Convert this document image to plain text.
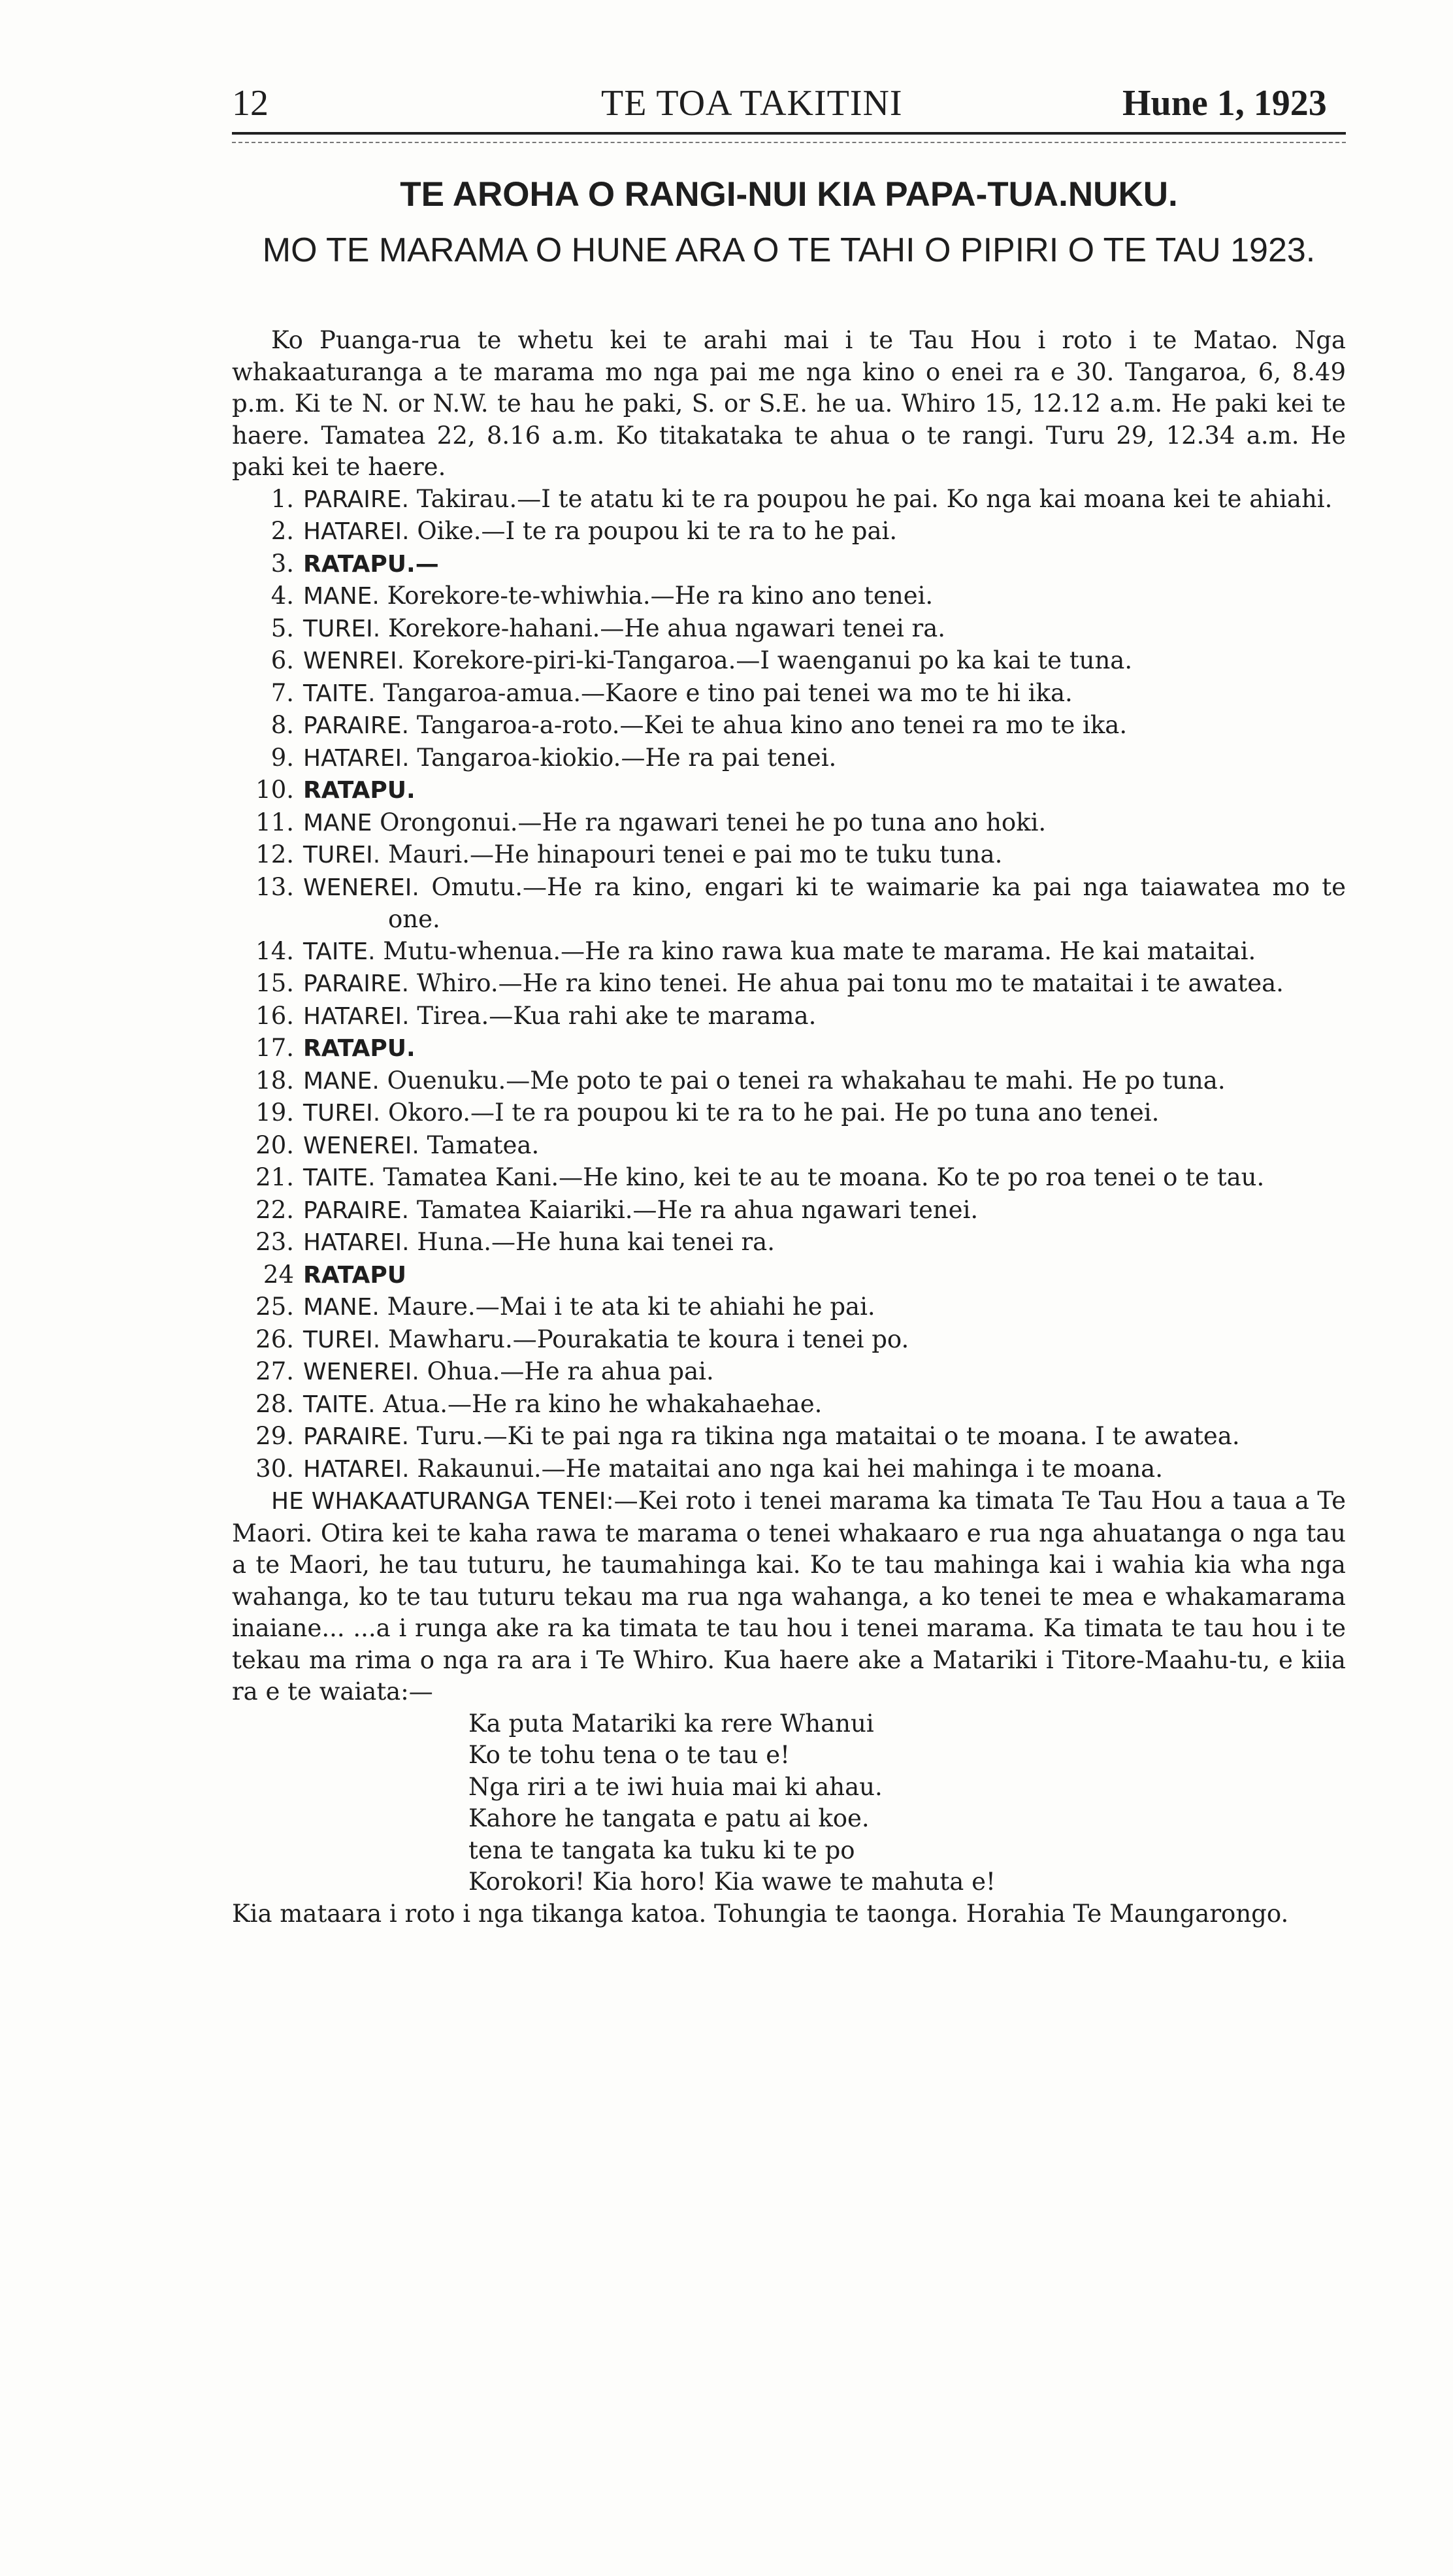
12	TE TOA TAKITINI	Hune 1, 1923
TE AROHA O RANGI-NUI KIA PAPA-TUA.NUKU.
MO TE MARAMA O HUNE ARA O TE TAHI O PIPIRI O TE TAU 1923.

Ko Puanga-rua te whetu kei te arahi mai i te Tau Hou i roto i te Matao. Nga whakaaturanga a te marama mo nga pai me nga kino o enei ra e 30. Tangaroa, 6, 8.49 p.m. Ki te N. or N.W. te hau he paki, S. or S.E. he ua. Whiro 15, 12.12 a.m. He paki kei te haere. Tamatea 22, 8.16 a.m. Ko titakataka te ahua o te rangi. Turu 29, 12.34 a.m. He paki kei te haere.

1. PARAIRE. Takirau.—I te atatu ki te ra poupou he pai. Ko nga kai moana kei te ahiahi.
2. HATAREI. Oike.—I te ra poupou ki te ra to he pai.
3. RATAPU.—
4. MANE. Korekore-te-whiwhia.—He ra kino ano tenei.
5. TUREI. Korekore-hahani.—He ahua ngawari tenei ra.
6. WENREI. Korekore-piri-ki-Tangaroa.—I waenganui po ka kai te tuna.
7. TAITE. Tangaroa-amua.—Kaore e tino pai tenei wa mo te hi ika.
8. PARAIRE. Tangaroa-a-roto.—Kei te ahua kino ano tenei ra mo te ika.
9. HATAREI. Tangaroa-kiokio.—He ra pai tenei.
10. RATAPU.
11. MANE Orongonui.—He ra ngawari tenei he po tuna ano hoki.
12. TUREI. Mauri.—He hinapouri tenei e pai mo te tuku tuna.
13. WENEREI. Omutu.—He ra kino, engari ki te waimarie ka pai nga taiawatea mo te one.
14. TAITE. Mutu-whenua.—He ra kino rawa kua mate te marama. He kai mataitai.
15. PARAIRE. Whiro.—He ra kino tenei. He ahua pai tonu mo te mataitai i te awatea.
16. HATAREI. Tirea.—Kua rahi ake te marama.
17. RATAPU.
18. MANE. Ouenuku.—Me poto te pai o tenei ra whakahau te mahi. He po tuna.
19. TUREI. Okoro.—I te ra poupou ki te ra to he pai. He po tuna ano tenei.
20. WENEREI. Tamatea.
21. TAITE. Tamatea Kani.—He kino, kei te au te moana. Ko te po roa tenei o te tau.
22. PARAIRE. Tamatea Kaiariki.—He ra ahua ngawari tenei.
23. HATAREI. Huna.—He huna kai tenei ra.
24 RATAPU
25. MANE. Maure.—Mai i te ata ki te ahiahi he pai.
26. TUREI. Mawharu.—Pourakatia te koura i tenei po.
27. WENEREI. Ohua.—He ra ahua pai.
28. TAITE. Atua.—He ra kino he whakahaehae.
29. PARAIRE. Turu.—Ki te pai nga ra tikina nga mataitai o te moana. I te awatea.
30. HATAREI. Rakaunui.—He mataitai ano nga kai hei mahinga i te moana.

HE WHAKAATURANGA TENEI:—Kei roto i tenei marama ka timata Te Tau Hou a taua a Te Maori. Otira kei te kaha rawa te marama o tenei whakaaro e rua nga ahuatanga o nga tau a te Maori, he tau tuturu, he taumahinga kai. Ko te tau mahinga kai i wahia kia wha nga wahanga, ko te tau tuturu tekau ma rua nga wahanga, a ko tenei te mea e whakamarama inaiane... ...a i runga ake ra ka timata te tau hou i tenei marama. Ka timata te tau hou i te tekau ma rima o nga ra ara i Te Whiro. Kua haere ake a Matariki i Titore-Maahu-tu, e kiia ra e te waiata:—

Ka puta Matariki ka rere Whanui

Ko te tohu tena o te tau e!

Nga riri a te iwi huia mai ki ahau.

Kahore he tangata e patu ai koe.

tena te tangata ka tuku ki te po

Korokori! Kia horo! Kia wawe te mahuta e!

Kia mataara i roto i nga tikanga katoa. Tohungia te taonga. Horahia Te Maungarongo.
